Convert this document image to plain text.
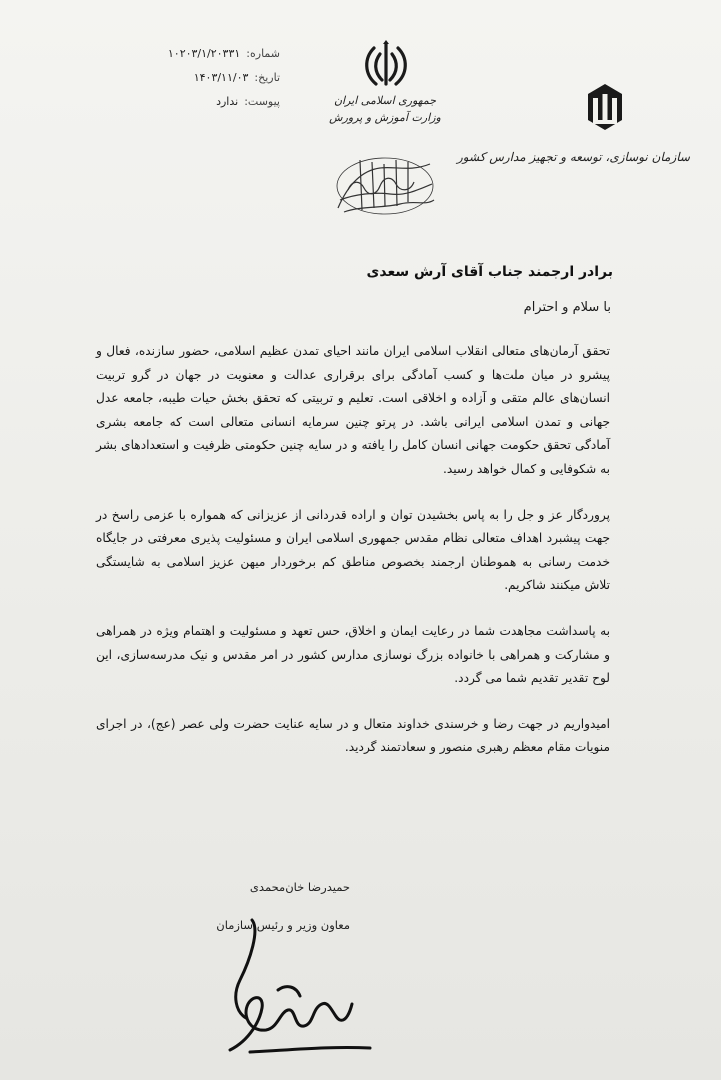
شماره:
۱۰۲۰۳/۱/۲۰۳۳۱
تاریخ:
۱۴۰۳/۱۱/۰۳
پیوست:
ندارد	جمهوری اسلامی ایران
وزارت آموزش و پرورش
سازمان نوسازی، توسعه و تجهیز مدارس کشور
برادر ارجمند جناب آقای آرش سعدی
با سلام و احترام

تحقق آرمان‌های متعالی انقلاب اسلامی ایران مانند احیای تمدن عظیم اسلامی، حضور سازنده، فعال و پیشرو در میان ملت‌ها و کسب آمادگی برای برقراری عدالت و معنویت در جهان در گرو تربیت انسان‌های عالم متقی و آزاده و اخلاقی است. تعلیم و تربیتی که تحقق بخش حیات طیبه، جامعه عدل جهانی و تمدن اسلامی ایرانی باشد. در پرتو چنین سرمایه انسانی متعالی است که جامعه بشری آمادگی تحقق حکومت جهانی انسان کامل را یافته و در سایه چنین حکومتی ظرفیت و استعدادهای بشر به شکوفایی و کمال خواهد رسید.

پروردگار عز و جل را به پاس بخشیدن توان و اراده قدردانی از عزیزانی که همواره با عزمی راسخ در جهت پیشبرد اهداف متعالی نظام مقدس جمهوری اسلامی ایران و مسئولیت پذیری معرفتی در جایگاه خدمت رسانی به هموطنان ارجمند بخصوص مناطق کم برخوردار میهن عزیز اسلامی به شایستگی تلاش میکنند شاکریم.

به پاسداشت مجاهدت شما در رعایت ایمان و اخلاق، حس تعهد و مسئولیت و اهتمام ویژه در همراهی و مشارکت و همراهی با خانواده بزرگ نوسازی مدارس کشور در امر مقدس و نیک مدرسه‌سازی، این لوح تقدیر تقدیم شما می گردد.

امیدواریم در جهت رضا و خرسندی خداوند متعال و در سایه عنایت حضرت ولی عصر (عج)، در اجرای منویات مقام معظم رهبری منصور و سعادتمند گردید.

حمیدرضا خان‌محمدی
معاون وزیر و رئیس سازمان
